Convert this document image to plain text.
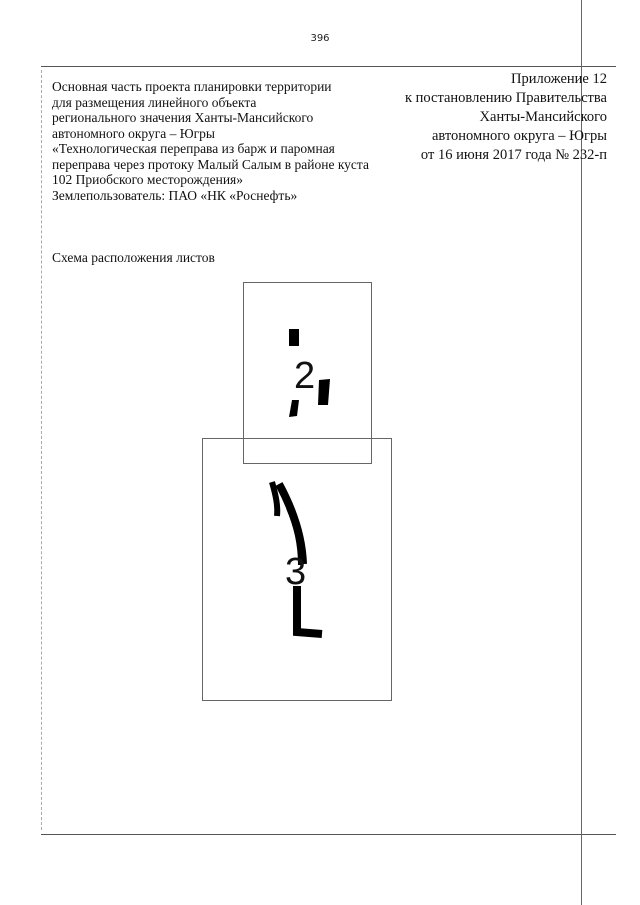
396
Основная часть проекта планировки территории
для размещения линейного объекта
регионального значения Ханты-Мансийского
автономного округа – Югры
«Технологическая переправа из барж и паромная
переправа через протоку Малый Салым в районе куста
102 Приобского месторождения»
Землепользователь: ПАО «НК «Роснефть»
Приложение 12
к постановлению Правительства
Ханты-Мансийского
автономного округа – Югры
от 16 июня 2017 года № 232-п
Схема расположения листов
2
3
